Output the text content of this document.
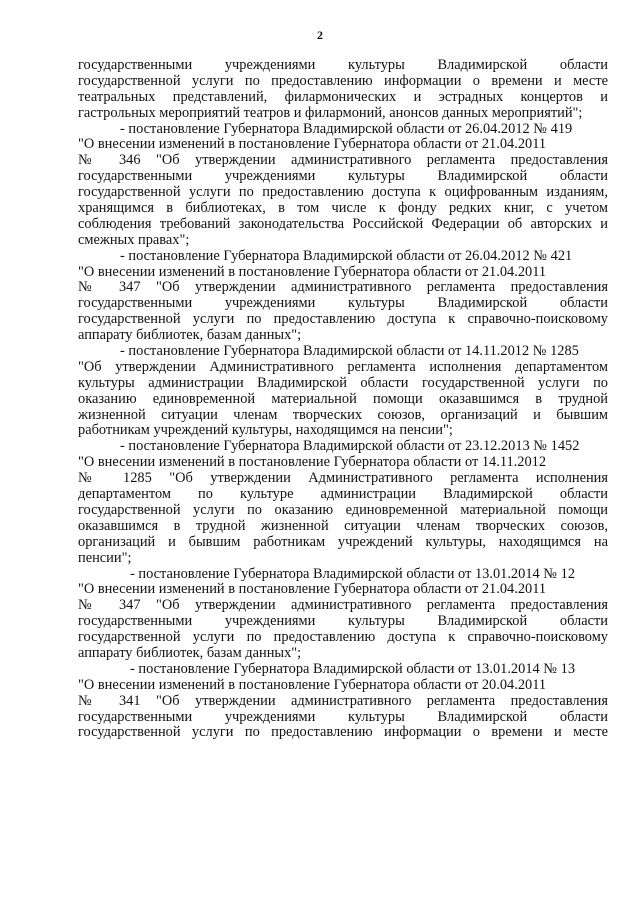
2
государственными учреждениями культуры Владимирской области
государственной услуги по предоставлению информации о времени и месте
театральных представлений, филармонических и эстрадных концертов и
гастрольных мероприятий театров и филармоний, анонсов данных мероприятий";
- постановление Губернатора Владимирской области от 26.04.2012 № 419
"О внесении изменений в постановление Губернатора области от 21.04.2011
№ 346 "Об утверждении административного регламента предоставления
государственными учреждениями культуры Владимирской области
государственной услуги по предоставлению доступа к оцифрованным изданиям,
хранящимся в библиотеках, в том числе к фонду редких книг, с учетом
соблюдения требований законодательства Российской Федерации об авторских и
смежных правах";
- постановление Губернатора Владимирской области от 26.04.2012 № 421
"О внесении изменений в постановление Губернатора области от 21.04.2011
№ 347 "Об утверждении административного регламента предоставления
государственными учреждениями культуры Владимирской области
государственной услуги по предоставлению доступа к справочно-поисковому
аппарату библиотек, базам данных";
- постановление Губернатора Владимирской области от 14.11.2012 № 1285
"Об утверждении Административного регламента исполнения департаментом
культуры администрации Владимирской области государственной услуги по
оказанию единовременной материальной помощи оказавшимся в трудной
жизненной ситуации членам творческих союзов, организаций и бывшим
работникам учреждений культуры, находящимся на пенсии";
- постановление Губернатора Владимирской области от 23.12.2013 № 1452
"О внесении изменений в постановление Губернатора области от 14.11.2012
№ 1285 "Об утверждении Административного регламента исполнения
департаментом по культуре администрации Владимирской области
государственной услуги по оказанию единовременной материальной помощи
оказавшимся в трудной жизненной ситуации членам творческих союзов,
организаций и бывшим работникам учреждений культуры, находящимся на
пенсии";
- постановление Губернатора Владимирской области от 13.01.2014 № 12
"О внесении изменений в постановление Губернатора области от 21.04.2011
№ 347 "Об утверждении административного регламента предоставления
государственными учреждениями культуры Владимирской области
государственной услуги по предоставлению доступа к справочно-поисковому
аппарату библиотек, базам данных";
- постановление Губернатора Владимирской области от 13.01.2014 № 13
"О внесении изменений в постановление Губернатора области от 20.04.2011
№ 341 "Об утверждении административного регламента предоставления
государственными учреждениями культуры Владимирской области
государственной услуги по предоставлению информации о времени и месте
